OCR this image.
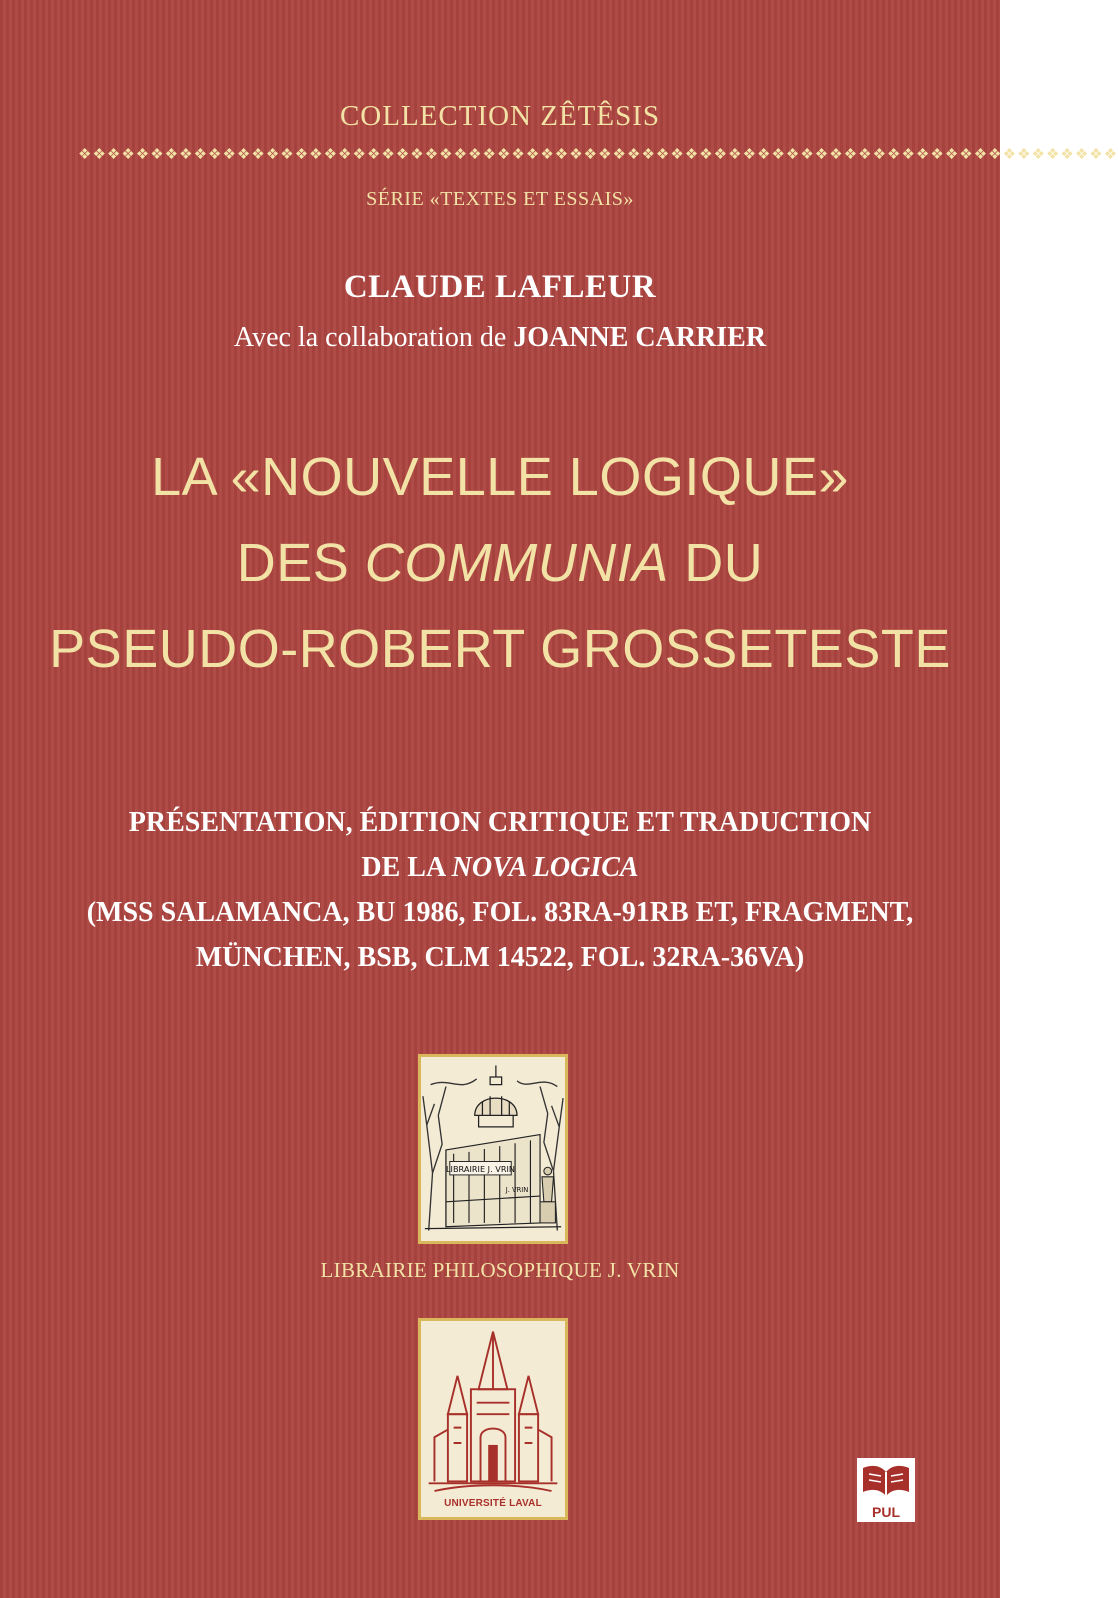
COLLECTION ZÊTÊSIS
❖❖❖❖❖❖❖❖❖❖❖❖❖❖❖❖❖❖❖❖❖❖❖❖❖❖❖❖❖❖❖❖❖❖❖❖❖❖❖❖❖❖❖❖❖❖❖❖❖❖❖❖❖❖❖❖❖❖❖❖❖❖❖❖❖❖❖❖❖❖❖❖
SÉRIE «TEXTES ET ESSAIS»
CLAUDE LAFLEUR
Avec la collaboration de JOANNE CARRIER
LA «NOUVELLE LOGIQUE»
DES COMMUNIA DU
PSEUDO-ROBERT GROSSETESTE
PRÉSENTATION, ÉDITION CRITIQUE ET TRADUCTION
DE LA NOVA LOGICA
(MSS SALAMANCA, BU 1986, FOL. 83RA-91RB ET, FRAGMENT,
MÜNCHEN, BSB, CLM 14522, FOL. 32RA-36VA)
LIBRAIRIE J. VRIN
J. VRIN
LIBRAIRIE PHILOSOPHIQUE J. VRIN
UNIVERSITÉ LAVAL
PUL
